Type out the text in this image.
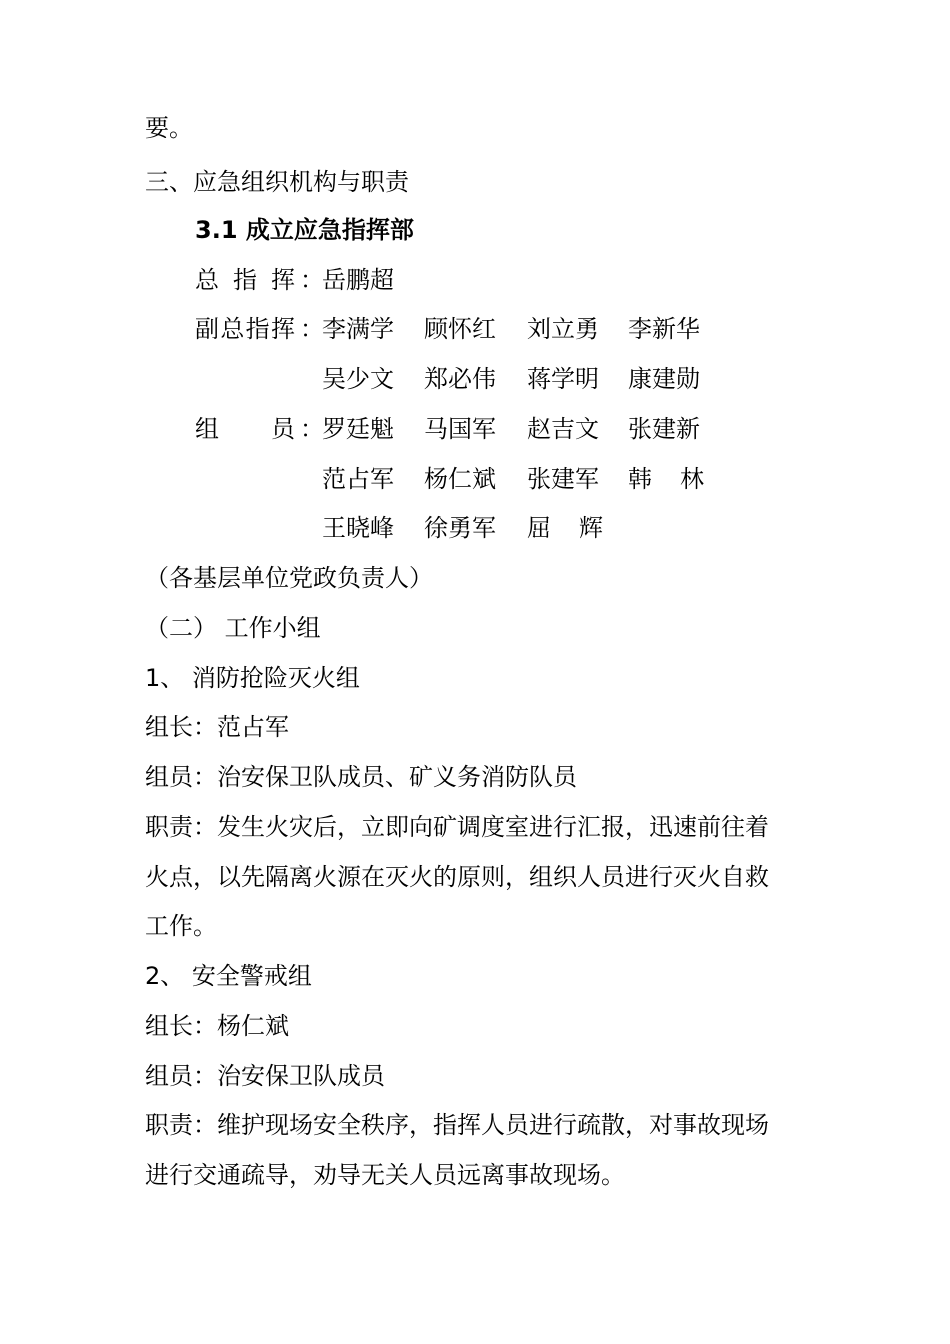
要。
三、应急组织机构与职责
3.1 成立应急指挥部
总指挥 ：
岳鹏超
副总指挥 ：
李满学 顾怀红 刘立勇 李新华
吴少文 郑必伟 蒋学明 康建勋
组员 ：
罗廷魁 马国军 赵吉文 张建新
范占军 杨仁斌 张建军 韩林
王晓峰 徐勇军 屈辉
（各基层单位党政负责人）
（二） 工作小组
1、 消防抢险灭火组
组长：范占军
组员：治安保卫队成员、矿义务消防队员
职责：发生火灾后，立即向矿调度室进行汇报，迅速前往着
火点，以先隔离火源在灭火的原则，组织人员进行灭火自救
工作。
2、 安全警戒组
组长：杨仁斌
组员：治安保卫队成员
职责：维护现场安全秩序，指挥人员进行疏散，对事故现场
进行交通疏导，劝导无关人员远离事故现场。
